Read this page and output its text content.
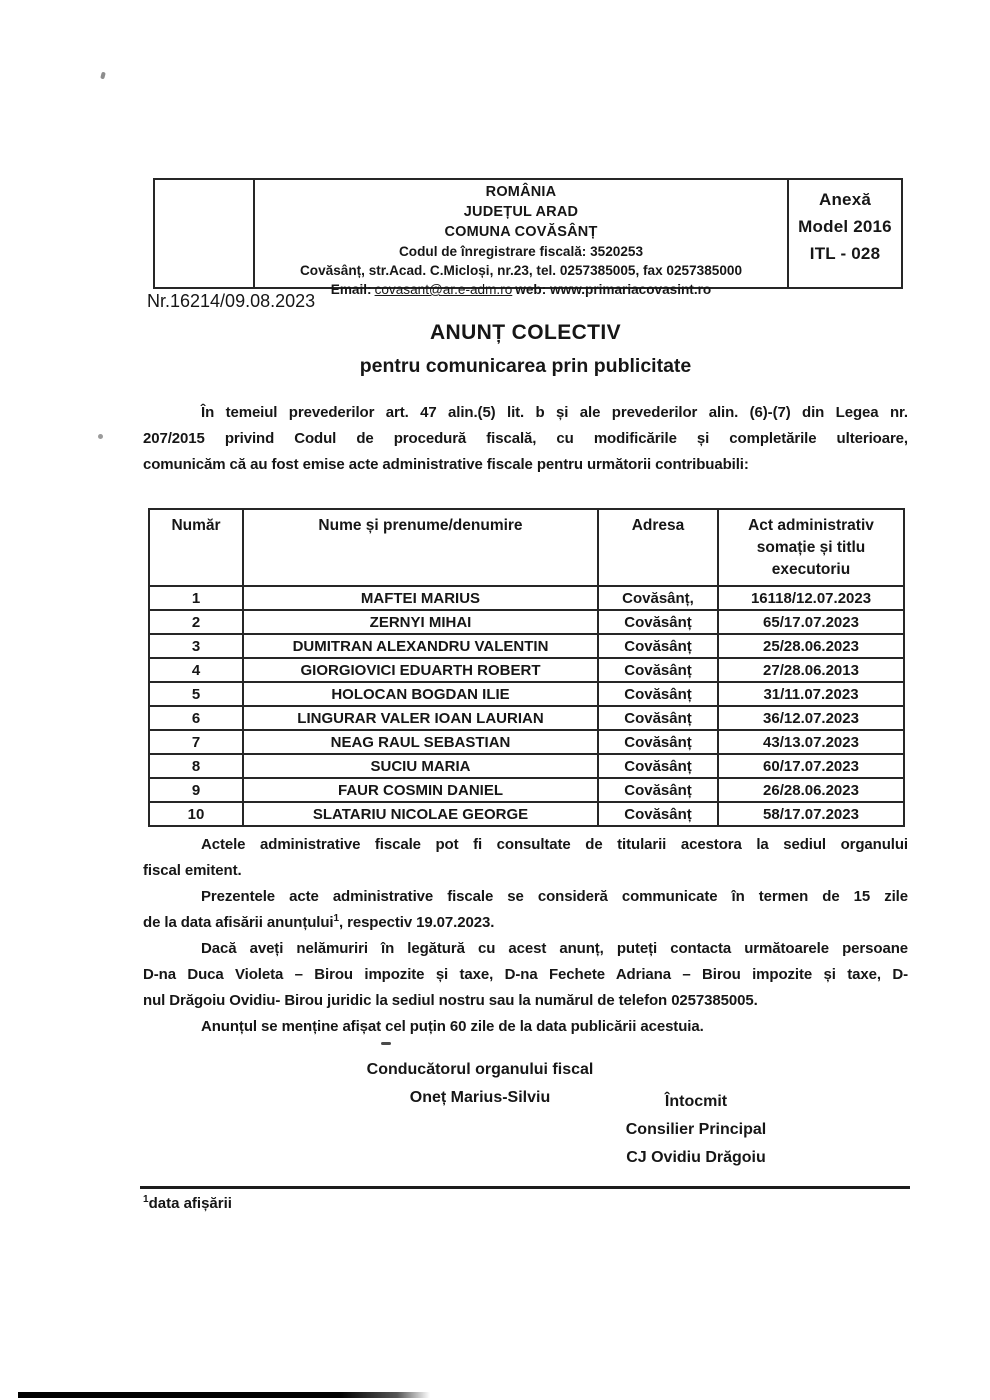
ROMÂNIA
JUDEȚUL ARAD
COMUNA COVĂSÂNȚ
Codul de înregistrare fiscală: 3520253
Covăsânț, str.Acad. C.Micloși, nr.23, tel. 0257385005, fax 0257385000
Email: covasant@ar.e-adm.ro web: www.primariacovasint.ro
Anexă
Model 2016
ITL - 028
Nr.16214/09.08.2023
ANUNȚ COLECTIV
pentru comunicarea prin publicitate
În temeiul prevederilor art. 47 alin.(5) lit. b și ale prevederilor alin. (6)-(7) din Legea nr.
207/2015 privind Codul de procedură fiscală, cu modificările și completările ulterioare,
comunicăm că au fost emise acte administrative fiscale pentru următorii contribuabili:
Număr	Nume și prenume/denumire	Adresa	Act administrativ somație și titlu executoriu
1	MAFTEI MARIUS	Covăsânț,	16118/12.07.2023
2	ZERNYI MIHAI	Covăsânț	65/17.07.2023
3	DUMITRAN ALEXANDRU VALENTIN	Covăsânț	25/28.06.2023
4	GIORGIOVICI EDUARTH ROBERT	Covăsânț	27/28.06.2013
5	HOLOCAN BOGDAN ILIE	Covăsânț	31/11.07.2023
6	LINGURAR VALER IOAN LAURIAN	Covăsânț	36/12.07.2023
7	NEAG RAUL SEBASTIAN	Covăsânț	43/13.07.2023
8	SUCIU MARIA	Covăsânț	60/17.07.2023
9	FAUR COSMIN DANIEL	Covăsânț	26/28.06.2023
10	SLATARIU NICOLAE GEORGE	Covăsânț	58/17.07.2023
Actele administrative fiscale pot fi consultate de titularii acestora la sediul organului
fiscal emitent.
Prezentele acte administrative fiscale se consideră communicate în termen de 15 zile
de la data afisării anunțului$^1$, respectiv 19.07.2023.
Dacă aveți nelămuriri în legătură cu acest anunț, puteți contacta următoarele persoane
D-na Duca Violeta – Birou impozite și taxe, D-na Fechete Adriana – Birou impozite și taxe, D-
nul Drăgoiu Ovidiu- Birou juridic la sediul nostru sau la numărul de telefon 0257385005.
Anunțul se menține afișat cel puțin 60 zile de la data publicării acestuia.
Conducătorul organului fiscal
Oneț Marius-Silviu	Întocmit
Consilier Principal
CJ Ovidiu Drăgoiu
$^1$data afișării
